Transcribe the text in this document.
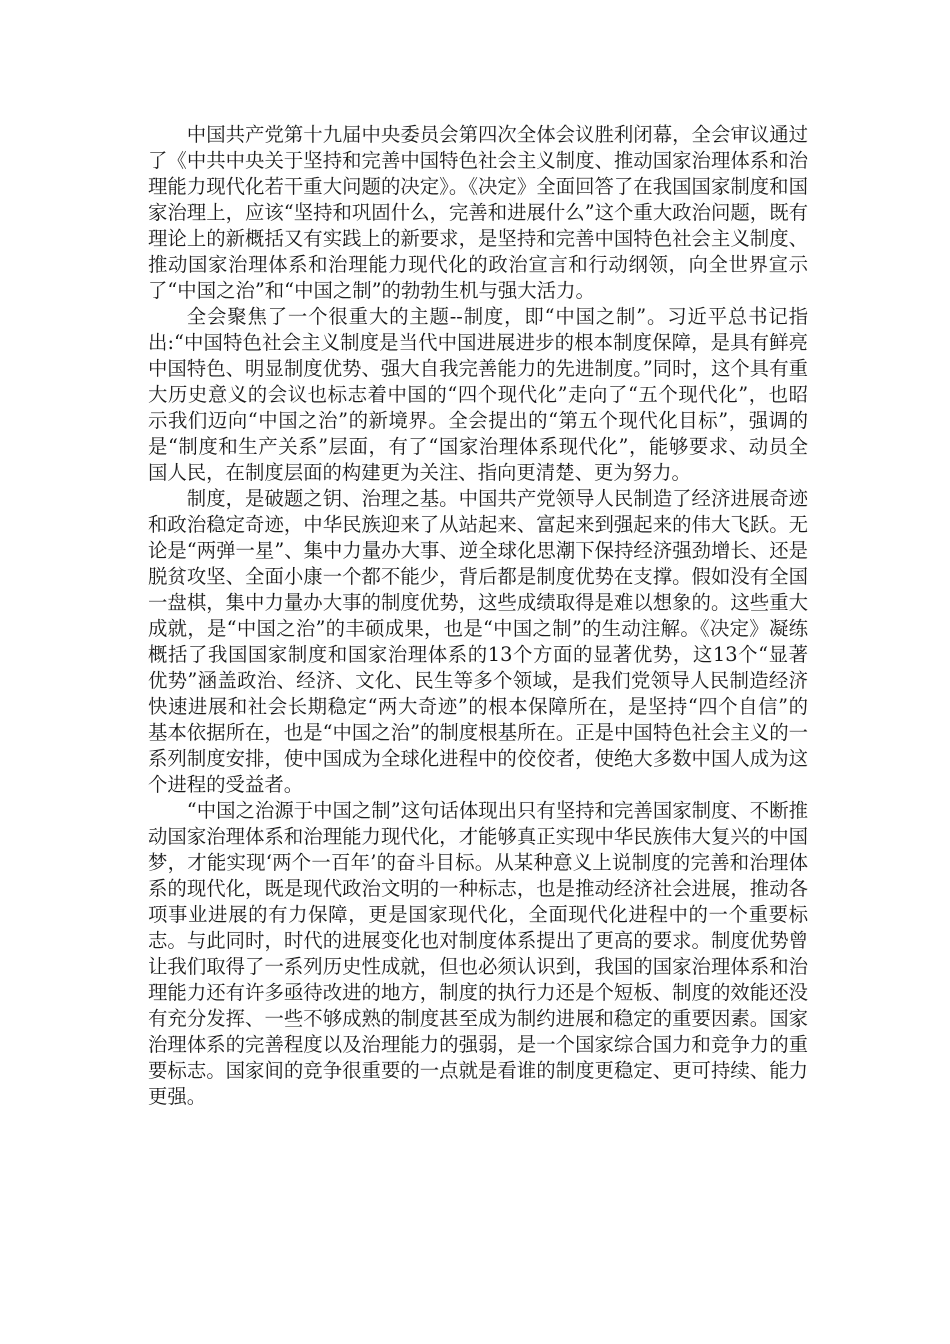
中国共产党第十九届中央委员会第四次全体会议胜利闭幕，全会审议通过了《中共中央关于坚持和完善中国特色社会主义制度、推动国家治理体系和治理能力现代化若干重大问题的决定》。《决定》全面回答了在我国国家制度和国家治理上，应该“坚持和巩固什么，完善和进展什么”这个重大政治问题，既有理论上的新概括又有实践上的新要求，是坚持和完善中国特色社会主义制度、推动国家治理体系和治理能力现代化的政治宣言和行动纲领，向全世界宣示了“中国之治”和“中国之制”的勃勃生机与强大活力。

全会聚焦了一个很重大的主题--制度，即“中国之制”。习近平总书记指出:“中国特色社会主义制度是当代中国进展进步的根本制度保障，是具有鲜亮中国特色、明显制度优势、强大自我完善能力的先进制度。”同时，这个具有重大历史意义的会议也标志着中国的“四个现代化”走向了“五个现代化”，也昭示我们迈向“中国之治”的新境界。全会提出的“第五个现代化目标”，强调的是“制度和生产关系”层面，有了“国家治理体系现代化”，能够要求、动员全国人民，在制度层面的构建更为关注、指向更清楚、更为努力。

制度，是破题之钥、治理之基。中国共产党领导人民制造了经济进展奇迹和政治稳定奇迹，中华民族迎来了从站起来、富起来到强起来的伟大飞跃。无论是“两弹一星”、集中力量办大事、逆全球化思潮下保持经济强劲增长、还是脱贫攻坚、全面小康一个都不能少，背后都是制度优势在支撑。假如没有全国一盘棋，集中力量办大事的制度优势，这些成绩取得是难以想象的。这些重大成就，是“中国之治”的丰硕成果，也是“中国之制”的生动注解。《决定》凝练概括了我国国家制度和国家治理体系的13个方面的显著优势，这13个“显著优势”涵盖政治、经济、文化、民生等多个领域，是我们党领导人民制造经济快速进展和社会长期稳定“两大奇迹”的根本保障所在，是坚持“四个自信”的基本依据所在，也是“中国之治”的制度根基所在。正是中国特色社会主义的一系列制度安排，使中国成为全球化进程中的佼佼者，使绝大多数中国人成为这个进程的受益者。

“中国之治源于中国之制”这句话体现出只有坚持和完善国家制度、不断推动国家治理体系和治理能力现代化，才能够真正实现中华民族伟大复兴的中国梦，才能实现‘两个一百年’的奋斗目标。从某种意义上说制度的完善和治理体系的现代化，既是现代政治文明的一种标志，也是推动经济社会进展，推动各项事业进展的有力保障，更是国家现代化，全面现代化进程中的一个重要标志。与此同时，时代的进展变化也对制度体系提出了更高的要求。制度优势曾让我们取得了一系列历史性成就，但也必须认识到，我国的国家治理体系和治理能力还有许多亟待改进的地方，制度的执行力还是个短板、制度的效能还没有充分发挥、一些不够成熟的制度甚至成为制约进展和稳定的重要因素。国家治理体系的完善程度以及治理能力的强弱，是一个国家综合国力和竞争力的重要标志。国家间的竞争很重要的一点就是看谁的制度更稳定、更可持续、能力更强。
